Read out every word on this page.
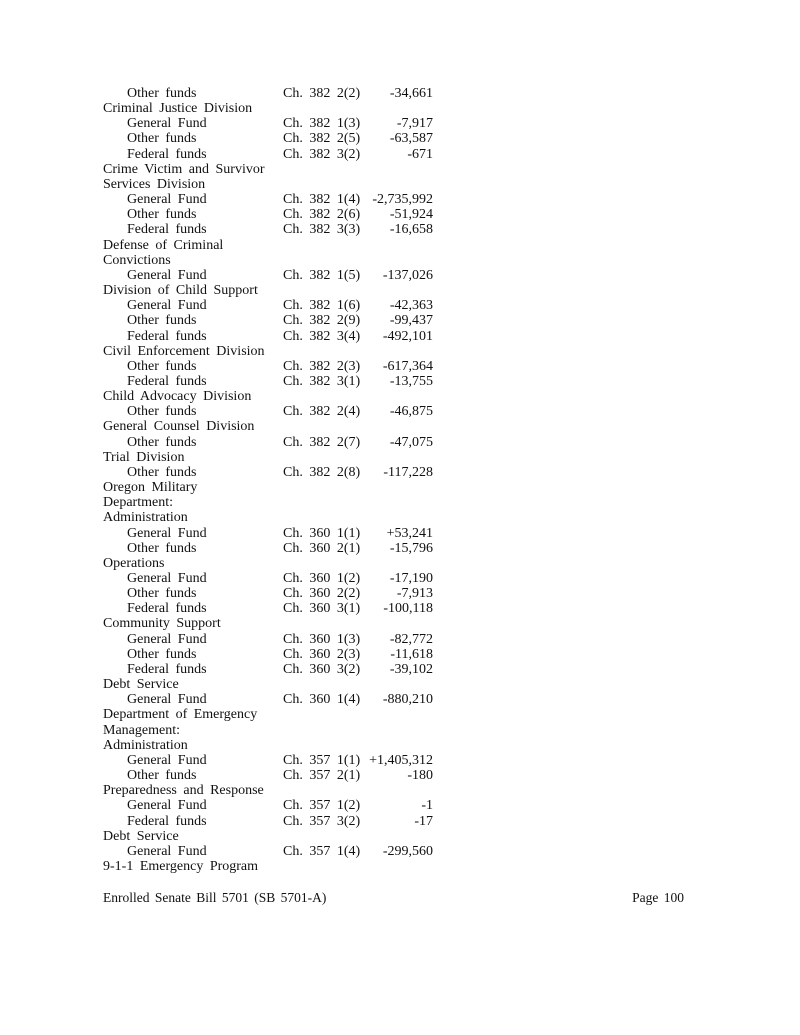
Other funds	Ch. 382 2(2) -34,661
Criminal Justice Division
General Fund	Ch. 382 1(3)	-7,917
Other funds	Ch. 382 2(5) -63,587
Federal funds	Ch. 382 3(2)	-671
Crime Victim and Survivor
Services Division
General Fund	Ch. 382 1(4) -2,735,992
Other funds	Ch. 382 2(6) -51,924
Federal funds	Ch. 382 3(3) -16,658
Defense of Criminal
Convictions
General Fund	Ch. 382 1(5) -137,026
Division of Child Support
General Fund	Ch. 382 1(6) -42,363
Other funds	Ch. 382 2(9) -99,437
Federal funds	Ch. 382 3(4) -492,101
Civil Enforcement Division
Other funds	Ch. 382 2(3) -617,364
Federal funds	Ch. 382 3(1) -13,755
Child Advocacy Division
Other funds	Ch. 382 2(4) -46,875
General Counsel Division
Other funds	Ch. 382 2(7) -47,075
Trial Division
Other funds	Ch. 382 2(8) -117,228
Oregon Military
Department:
Administration
General Fund	Ch. 360 1(1) +53,241
Other funds	Ch. 360 2(1) -15,796
Operations
General Fund	Ch. 360 1(2) -17,190
Other funds	Ch. 360 2(2)	-7,913
Federal funds	Ch. 360 3(1) -100,118
Community Support
General Fund	Ch. 360 1(3) -82,772
Other funds	Ch. 360 2(3) -11,618
Federal funds	Ch. 360 3(2) -39,102
Debt Service
General Fund	Ch. 360 1(4) -880,210
Department of Emergency
Management:
Administration
General Fund	Ch. 357 1(1) +1,405,312
Other funds	Ch. 357 2(1)	-180
Preparedness and Response
General Fund	Ch. 357 1(2)	-1
Federal funds	Ch. 357 3(2)	-17
Debt Service
General Fund	Ch. 357 1(4) -299,560
9-1-1 Emergency Program
Enrolled Senate Bill 5701 (SB 5701-A)	Page 100
